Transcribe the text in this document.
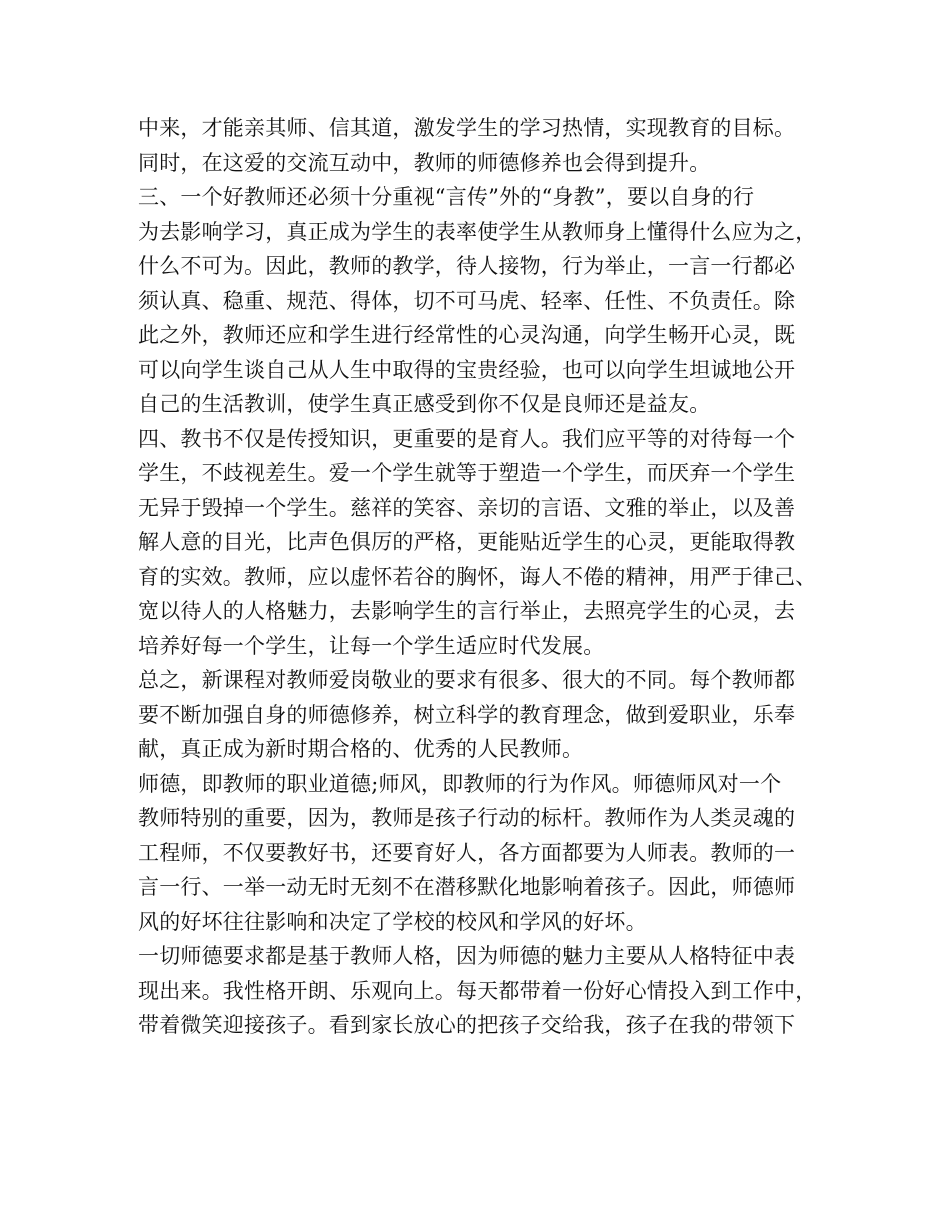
中来，才能亲其师、信其道，激发学生的学习热情，实现教育的目标。
同时，在这爱的交流互动中，教师的师德修养也会得到提升。
三、一个好教师还必须十分重视“言传”外的“身教”，要以自身的行
为去影响学习，真正成为学生的表率使学生从教师身上懂得什么应为之，
什么不可为。因此，教师的教学，待人接物，行为举止，一言一行都必
须认真、稳重、规范、得体，切不可马虎、轻率、任性、不负责任。除
此之外，教师还应和学生进行经常性的心灵沟通，向学生畅开心灵，既
可以向学生谈自己从人生中取得的宝贵经验，也可以向学生坦诚地公开
自己的生活教训，使学生真正感受到你不仅是良师还是益友。
四、教书不仅是传授知识，更重要的是育人。我们应平等的对待每一个
学生，不歧视差生。爱一个学生就等于塑造一个学生，而厌弃一个学生
无异于毁掉一个学生。慈祥的笑容、亲切的言语、文雅的举止，以及善
解人意的目光，比声色俱厉的严格，更能贴近学生的心灵，更能取得教
育的实效。教师，应以虚怀若谷的胸怀，诲人不倦的精神，用严于律己、
宽以待人的人格魅力，去影响学生的言行举止，去照亮学生的心灵，去
培养好每一个学生，让每一个学生适应时代发展。
总之，新课程对教师爱岗敬业的要求有很多、很大的不同。每个教师都
要不断加强自身的师德修养，树立科学的教育理念，做到爱职业，乐奉
献，真正成为新时期合格的、优秀的人民教师。
师德，即教师的职业道德;师风，即教师的行为作风。师德师风对一个
教师特别的重要，因为，教师是孩子行动的标杆。教师作为人类灵魂的
工程师，不仅要教好书，还要育好人，各方面都要为人师表。教师的一
言一行、一举一动无时无刻不在潜移默化地影响着孩子。因此，师德师
风的好坏往往影响和决定了学校的校风和学风的好坏。
一切师德要求都是基于教师人格，因为师德的魅力主要从人格特征中表
现出来。我性格开朗、乐观向上。每天都带着一份好心情投入到工作中，
带着微笑迎接孩子。看到家长放心的把孩子交给我，孩子在我的带领下
